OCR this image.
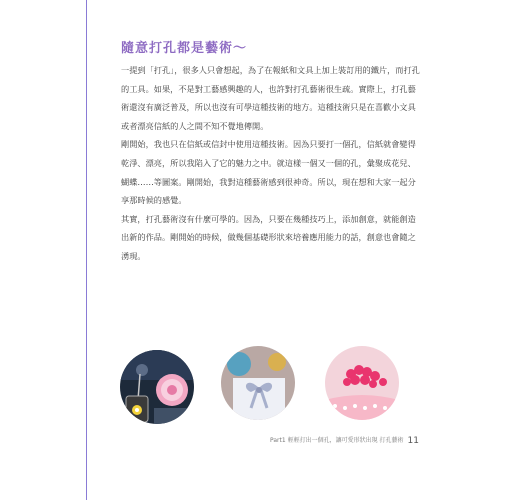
隨意打孔都是藝術～

一提到「打孔」，很多人只會想起，為了在報紙和文具上加上裝訂用的鐵片，而打孔的工具。如果，不是對工藝感興趣的人，也許對打孔藝術很生疏。實際上，打孔藝術還沒有廣泛普及，所以也沒有可學這種技術的地方。這種技術只是在喜歡小文具或者漂亮信紙的人之間不知不覺地傳開。

剛開始，我也只在信紙或信封中使用這種技術。因為只要打一個孔，信紙就會變得乾淨、漂亮，所以我陷入了它的魅力之中。就這樣一個又一個的孔，彙聚成花兒、蝴蝶……等圖案。剛開始，我對這種藝術感到很神奇。所以，現在想和大家一起分享那時候的感覺。

其實，打孔藝術沒有什麼可學的。因為，只要在幾種技巧上，添加創意，就能創造出新的作品。剛開始的時候，做幾個基礎形狀來培養應用能力的話，創意也會隨之湧現。

Part1 輕輕打出一個孔，讓可愛形狀出現 打孔藝術 11
